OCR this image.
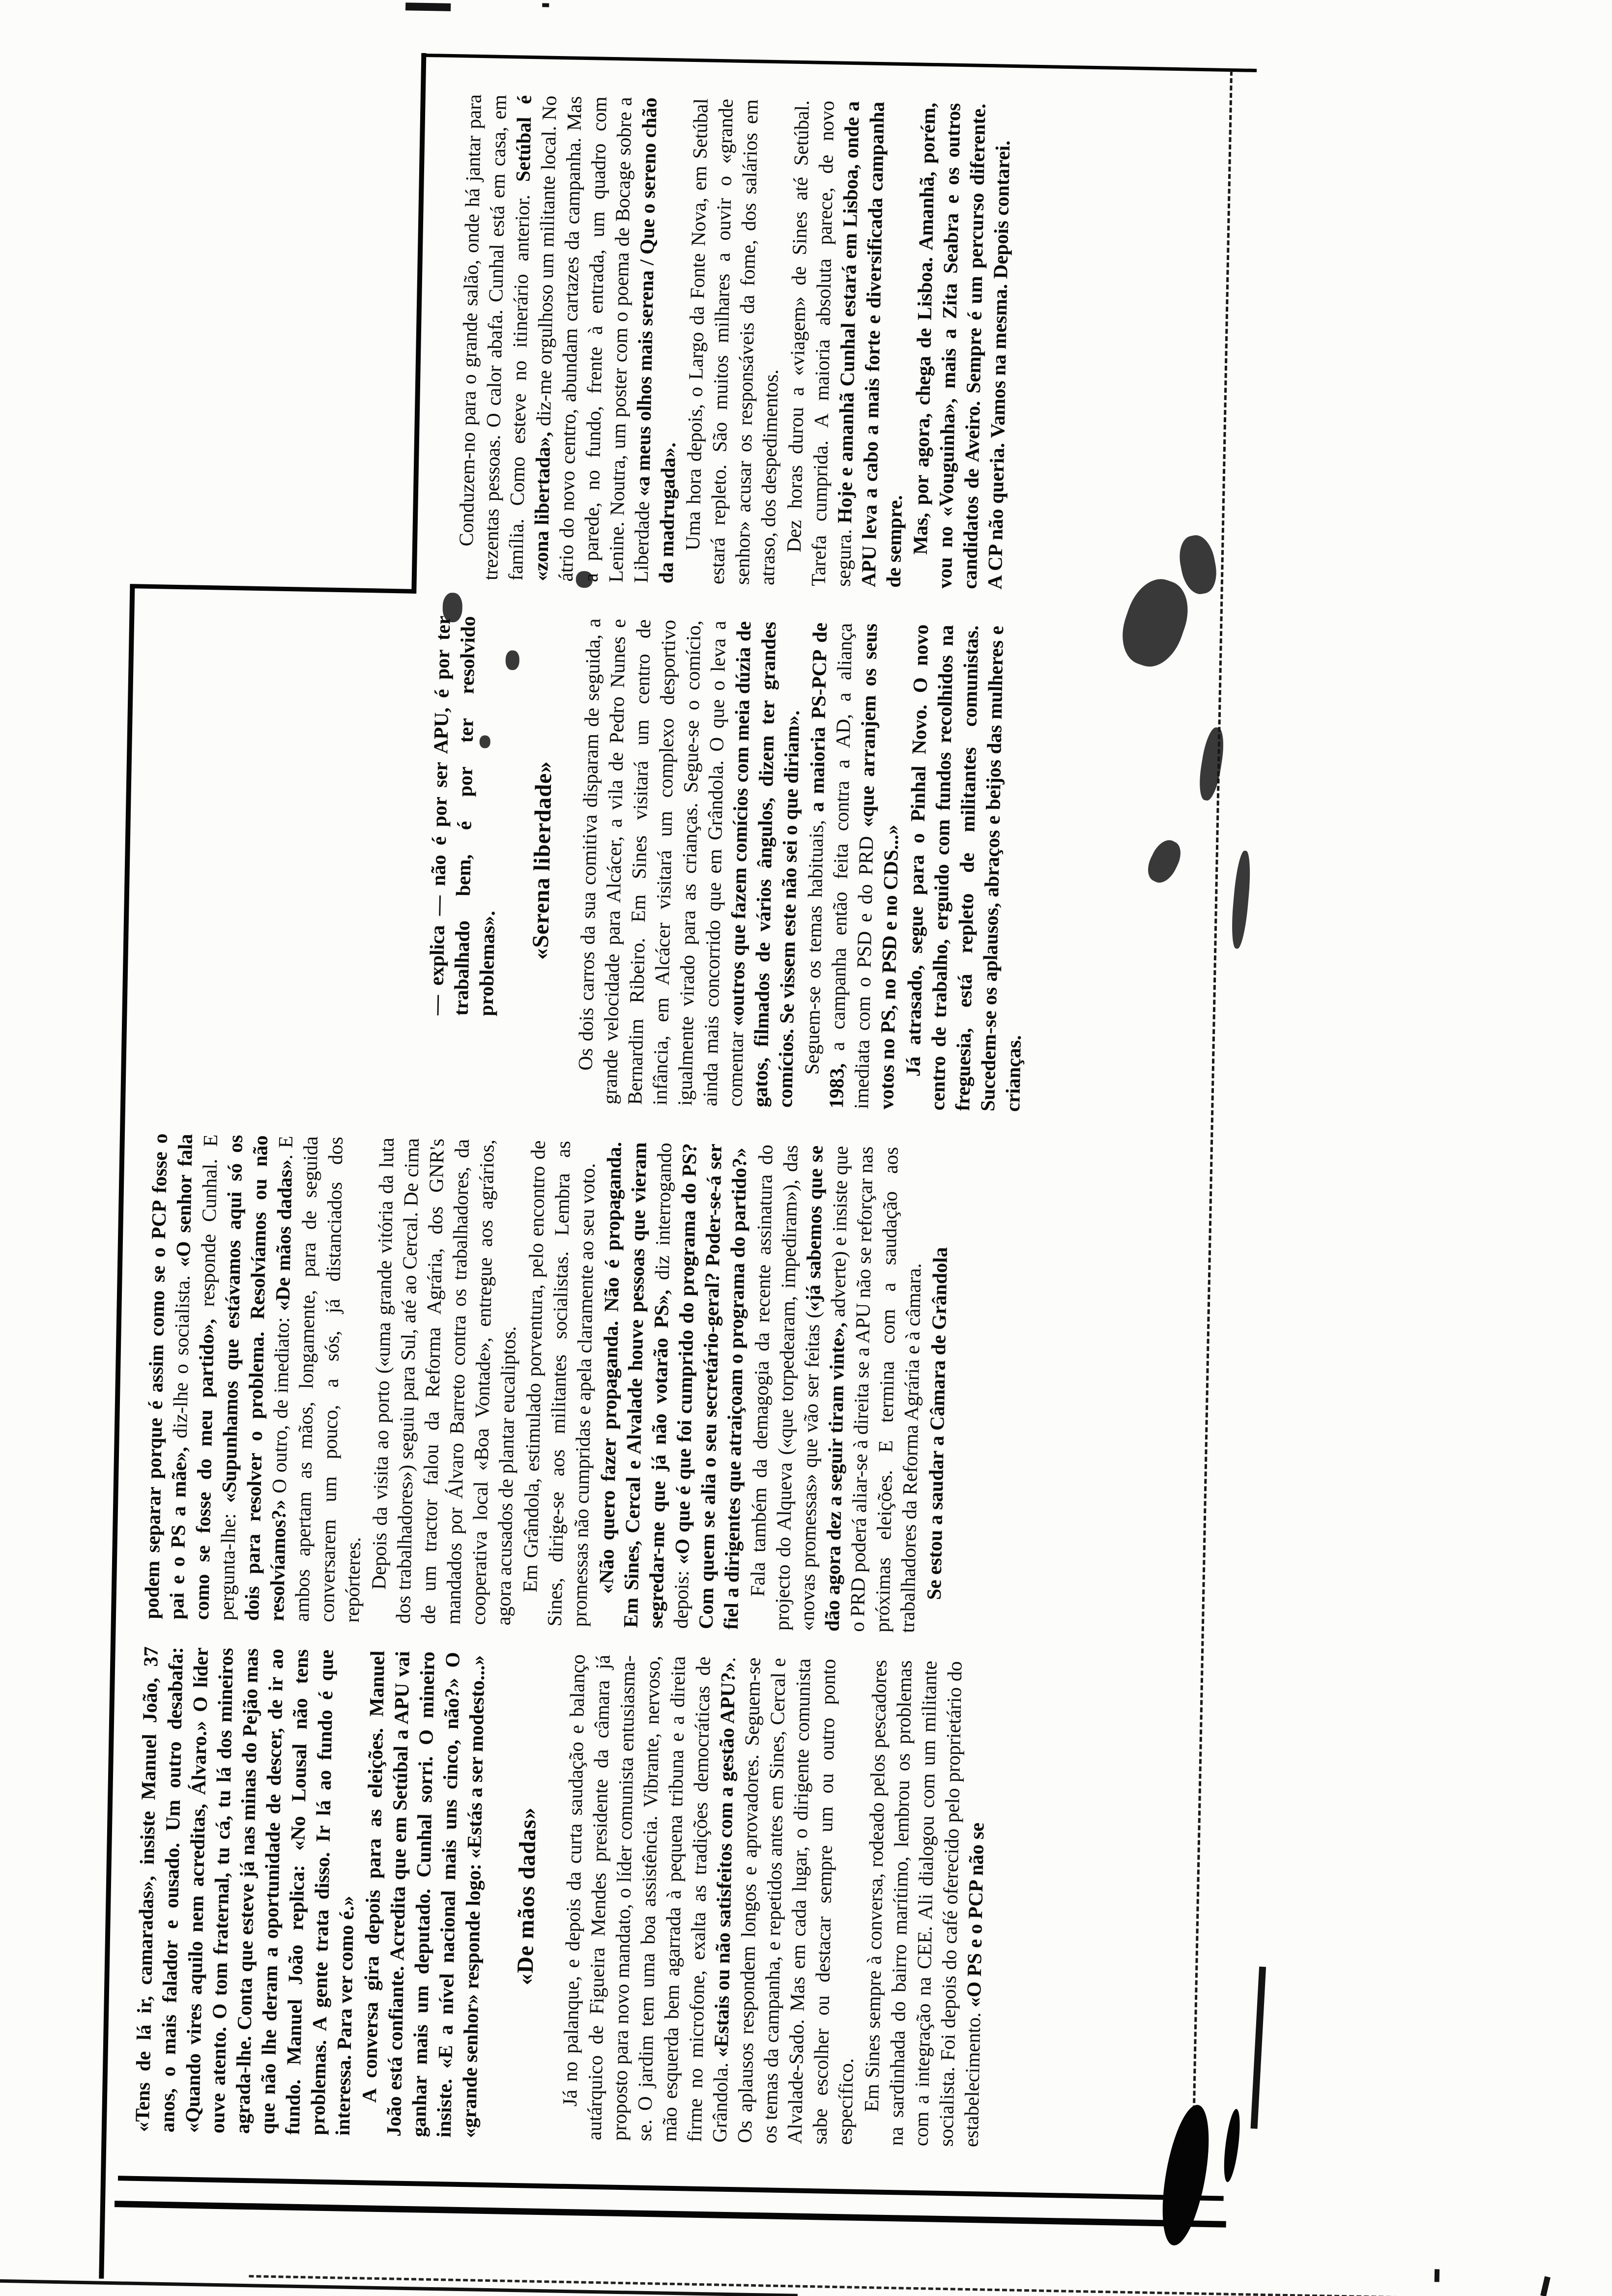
«Tens de lá ir, camaradas», insiste Manuel João, 37 anos, o mais falador e ousado. Um outro desabafa: «Quando vires aquilo nem acreditas, Álvaro.» O líder ouve atento. O tom fraternal, tu cá, tu lá dos mineiros agrada-lhe. Conta que esteve já nas minas do Pejão mas que não lhe deram a oportunidade de descer, de ir ao fundo. Manuel João replica: «No Lousal não tens problemas. A gente trata disso. Ir lá ao fundo é que interessa. Para ver como é.» A conversa gira depois para as eleições. Manuel João está confiante. Acredita que em Setúbal a APU vai ganhar mais um deputado. Cunhal sorri. O mineiro insiste. «E a nível nacional mais uns cinco, não?» O «grande senhor» responde logo: «Estás a ser modesto...» «De mãos dadas» Já no palanque, e depois da curta saudação e balanço autárquico de Figueira Mendes presidente da câmara já proposto para novo mandato, o líder comunista entusiasma-se. O jardim tem uma boa assistência. Vibrante, nervoso, mão esquerda bem agarrada à pequena tribuna e a direita firme no microfone, exalta as tradições democráticas de Grândola. «Estais ou não satisfeitos com a gestão APU?». Os aplausos respondem longos e aprovadores. Seguem-se os temas da campanha, e repetidos antes em Sines, Cercal e Alvalade-Sado. Mas em cada lugar, o dirigente comunista sabe escolher ou destacar sempre um ou outro ponto específico. Em Sines sempre à conversa, rodeado pelos pescadores na sardinhada do bairro marítimo, lembrou os problemas com a integração na CEE. Ali dialogou com um militante socialista. Foi depois do café oferecido pelo proprietário do estabelecimento. «O PS e o PCP não se

podem separar porque é assim como se o PCP fosse o pai e o PS a mãe», diz-lhe o socialista. «O senhor fala como se fosse do meu partido», responde Cunhal. E pergunta-lhe: «Supunhamos que estávamos aqui só os dois para resolver o problema. Resolvíamos ou não resolvíamos?» O outro, de imediato: «De mãos dadas». E ambos apertam as mãos, longamente, para de seguida conversarem um pouco, a sós, já distanciados dos repórteres. Depois da visita ao porto («uma grande vitória da luta dos trabalhadores») seguiu para Sul, até ao Cercal. De cima de um tractor falou da Reforma Agrária, dos GNR's mandados por Álvaro Barreto contra os trabalhadores, da cooperativa local «Boa Vontade», entregue aos agrários, agora acusados de plantar eucaliptos.

Em Grândola, estimulado porventura, pelo encontro de Sines, dirige-se aos militantes socialistas. Lembra as promessas não cumpridas e apela claramente ao seu voto.

«Não quero fazer propaganda. Não é propaganda. Em Sines, Cercal e Alvalade houve pessoas que vieram segredar-me que já não votarão PS», diz interrogando depois: «O que é que foi cumprido do programa do PS? Com quem se alia o seu secretário-geral? Poder-se-á ser fiel a dirigentes que atraiçoam o programa do partido?»

Fala também da demagogia da recente assinatura do projecto do Alqueva («que torpedearam, impediram»), das «novas promessas» que vão ser feitas («já sabemos que se dão agora dez a seguir tiram vinte», adverte) e insiste que o PRD poderá aliar-se à direita se a APU não se reforçar nas próximas eleições. E termina com a saudação aos trabalhadores da Reforma Agrária e à câmara.

Se estou a saudar a Câmara de Grândola

— explica — não é por ser APU, é por ter trabalhado bem, é por ter resolvido problemas».

«Serena liberdade» Os dois carros da sua comitiva disparam de seguida, a grande velocidade para Alcácer, a vila de Pedro Nunes e Bernardim Ribeiro. Em Sines visitará um centro de infância, em Alcácer visitará um complexo desportivo igualmente virado para as crianças. Segue-se o comício, ainda mais concorrido que em Grândola. O que o leva a comentar «outros que fazem comícios com meia dúzia de gatos, filmados de vários ângulos, dizem ter grandes comícios. Se vissem este não sei o que diriam».

Seguem-se os temas habituais, a maioria PS-PCP de 1983, a campanha então feita contra a AD, a aliança imediata com o PSD e do PRD «que arranjem os seus votos no PS, no PSD e no CDS...»

Já atrasado, segue para o Pinhal Novo. O novo centro de trabalho, erguido com fundos recolhidos na freguesia, está repleto de militantes comunistas. Sucedem-se os aplausos, abraços e beijos das mulheres e crianças.

Conduzem-no para o grande salão, onde há jantar para trezentas pessoas. O calor abafa. Cunhal está em casa, em família. Como esteve no itinerário anterior. Setúbal é «zona libertada», diz-me orgulhoso um militante local. No átrio do novo centro, abundam cartazes da campanha. Mas a parede, no fundo, frente à entrada, um quadro com Lenine. Noutra, um poster com o poema de Bocage sobre a Liberdade «a meus olhos mais serena / Que o sereno chão da madrugada». Uma hora depois, o Largo da Fonte Nova, em Setúbal estará repleto. São muitos milhares a ouvir o «grande senhor» acusar os responsáveis da fome, dos salários em atraso, dos despedimentos. Dez horas durou a «viagem» de Sines até Setúbal. Tarefa cumprida. A maioria absoluta parece, de novo segura. Hoje e amanhã Cunhal estará em Lisboa, onde a APU leva a cabo a mais forte e diversificada campanha de sempre. Mas, por agora, chega de Lisboa. Amanhã, porém, vou no «Vouguinha», mais a Zita Seabra e os outros candidatos de Aveiro. Sempre é um percurso diferente. A CP não queria. Vamos na mesma. Depois contarei.
